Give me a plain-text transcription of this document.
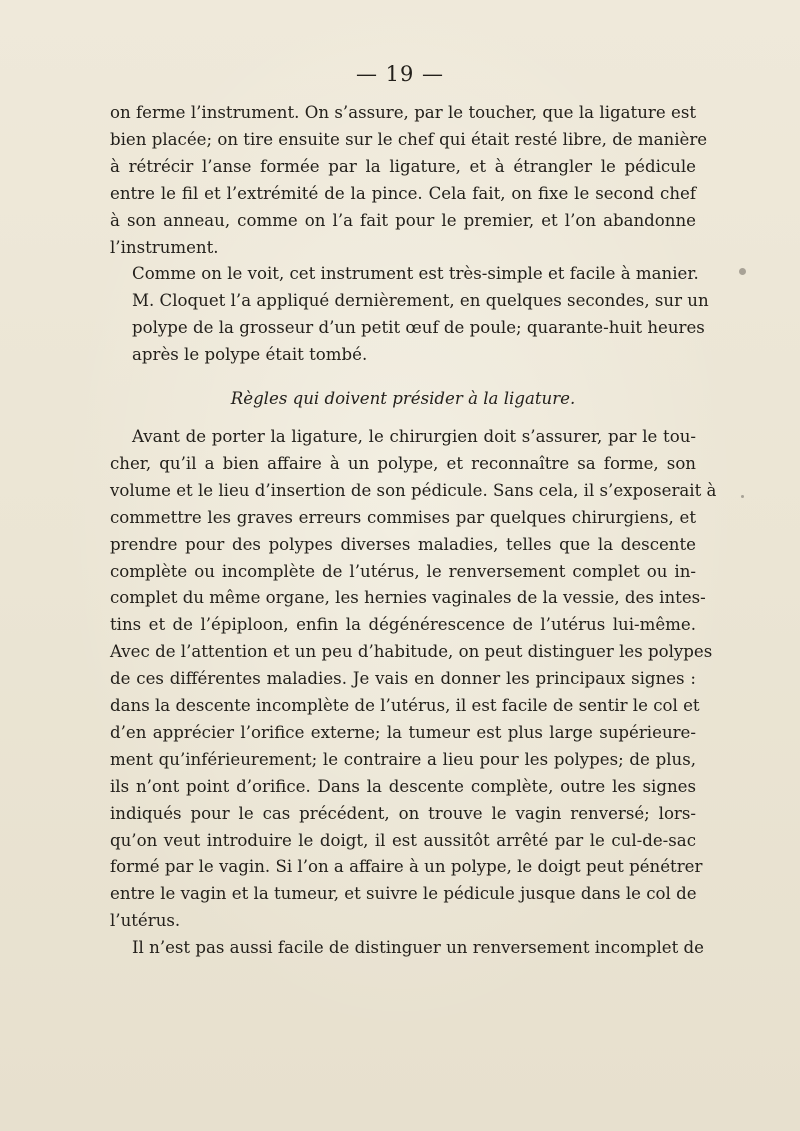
— 19 —

on ferme l’instrument. On s’assure, par le toucher, que la ligature est
bien placée; on tire ensuite sur le chef qui était resté libre, de manière
à rétrécir l’anse formée par la ligature, et à étrangler le pédicule
entre le fil et l’extrémité de la pince. Cela fait, on fixe le second chef
à son anneau, comme on l’a fait pour le premier, et l’on abandonne
l’instrument.

Comme on le voit, cet instrument est très-simple et facile à manier.
M. Cloquet l’a appliqué dernièrement, en quelques secondes, sur un
polype de la grosseur d’un petit œuf de poule; quarante-huit heures
après le polype était tombé.

Règles qui doivent présider à la ligature.

Avant de porter la ligature, le chirurgien doit s’assurer, par le tou-
cher, qu’il a bien affaire à un polype, et reconnaître sa forme, son
volume et le lieu d’insertion de son pédicule. Sans cela, il s’exposerait à
commettre les graves erreurs commises par quelques chirurgiens, et
prendre pour des polypes diverses maladies, telles que la descente
complète ou incomplète de l’utérus, le renversement complet ou in-
complet du même organe, les hernies vaginales de la vessie, des intes-
tins et de l’épiploon, enfin la dégénérescence de l’utérus lui-même.
Avec de l’attention et un peu d’habitude, on peut distinguer les polypes
de ces différentes maladies. Je vais en donner les principaux signes :
dans la descente incomplète de l’utérus, il est facile de sentir le col et
d’en apprécier l’orifice externe; la tumeur est plus large supérieure-
ment qu’inférieurement; le contraire a lieu pour les polypes; de plus,
ils n’ont point d’orifice. Dans la descente complète, outre les signes
indiqués pour le cas précédent, on trouve le vagin renversé; lors-
qu’on veut introduire le doigt, il est aussitôt arrêté par le cul-de-sac
formé par le vagin. Si l’on a affaire à un polype, le doigt peut pénétrer
entre le vagin et la tumeur, et suivre le pédicule jusque dans le col de
l’utérus.

Il n’est pas aussi facile de distinguer un renversement incomplet de
